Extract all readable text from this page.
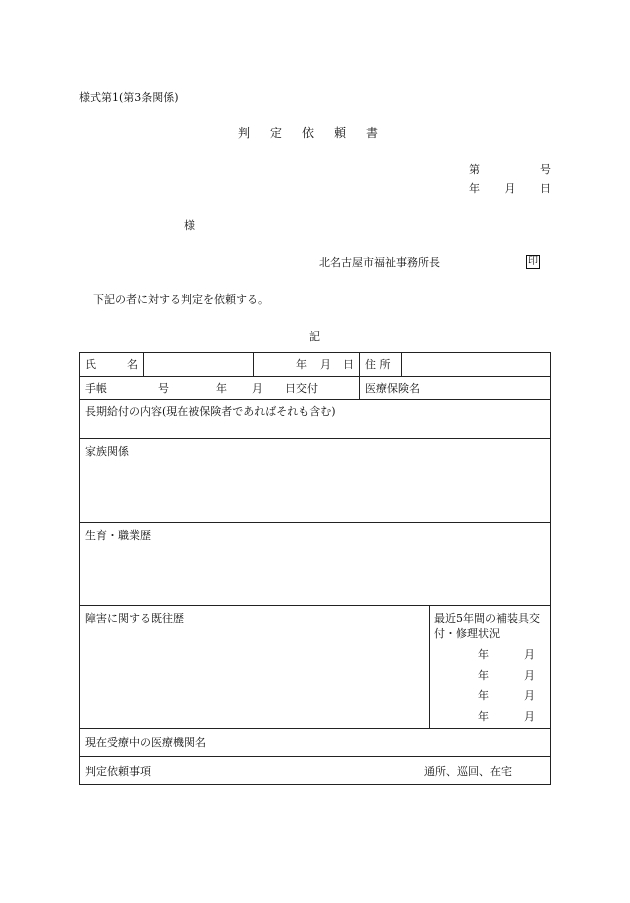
様式第1(第3条関係)
判定依頼書
第	号
年 月 日
様
北名古屋市福祉事務所長	印
下記の者に対する判定を依頼する。
記
氏	名	年 月 日 住 所
手帳	号	年 月 日交付	医療保険名
長期給付の内容(現在被保険者であればそれも含む)
家族関係
生育・職業歴
障害に関する既往歴	最近5年間の補装具交
付・修理状況
年	月
年	月
年	月
年	月
現在受療中の医療機関名
判定依頼事項	通所、巡回、在宅
